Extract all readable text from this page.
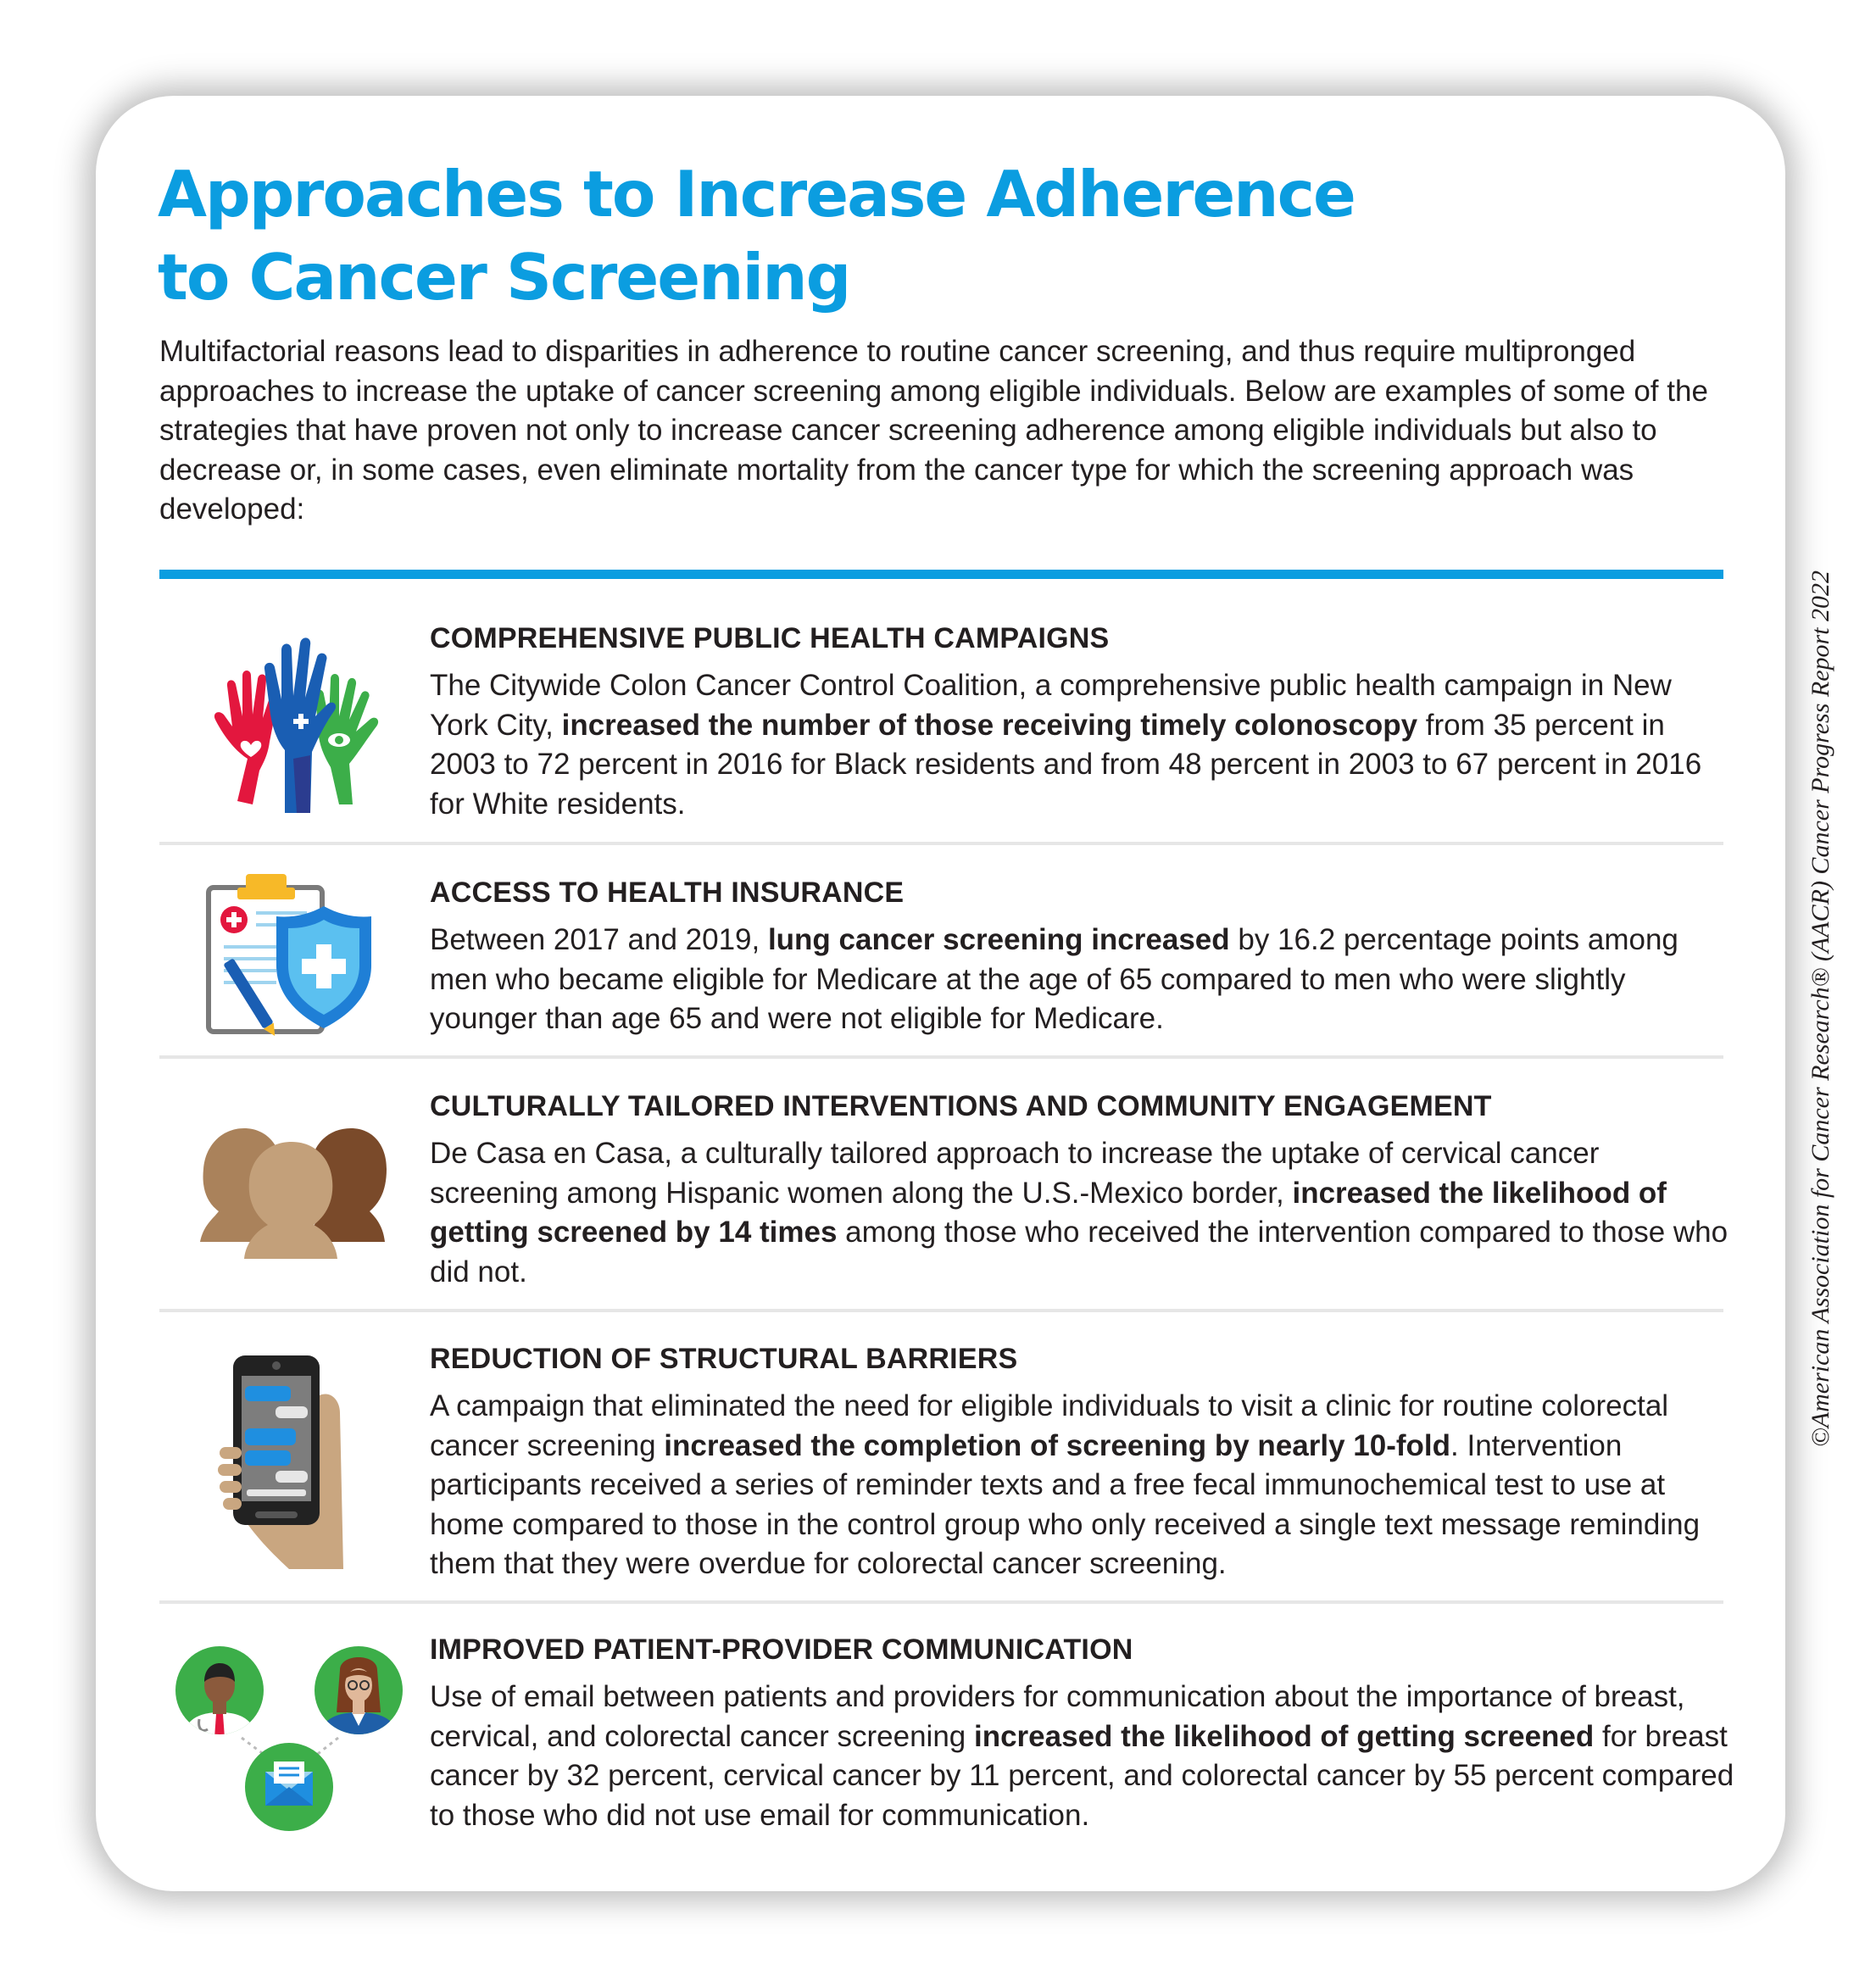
Approaches to Increase Adherence
to Cancer Screening

Multifactorial reasons lead to disparities in adherence to routine cancer screening, and thus require multipronged approaches to increase the uptake of cancer screening among eligible individuals. Below are examples of some of the strategies that have proven not only to increase cancer screening adherence among eligible individuals but also to decrease or, in some cases, even eliminate mortality from the cancer type for which the screening approach was developed:

COMPREHENSIVE PUBLIC HEALTH CAMPAIGNS

The Citywide Colon Cancer Control Coalition, a comprehensive public health campaign in New York City, increased the number of those receiving timely colonoscopy from 35 percent in 2003 to 72 percent in 2016 for Black residents and from 48 percent in 2003 to 67 percent in 2016 for White residents.

ACCESS TO HEALTH INSURANCE

Between 2017 and 2019, lung cancer screening increased by 16.2 percentage points among men who became eligible for Medicare at the age of 65 compared to men who were slightly younger than age 65 and were not eligible for Medicare.

CULTURALLY TAILORED INTERVENTIONS AND COMMUNITY ENGAGEMENT

De Casa en Casa, a culturally tailored approach to increase the uptake of cervical cancer screening among Hispanic women along the U.S.-Mexico border, increased the likelihood of getting screened by 14 times among those who received the intervention compared to those who did not.

REDUCTION OF STRUCTURAL BARRIERS

A campaign that eliminated the need for eligible individuals to visit a clinic for routine colorectal cancer screening increased the completion of screening by nearly 10-fold. Intervention participants received a series of reminder texts and a free fecal immunochemical test to use at home compared to those in the control group who only received a single text message reminding them that they were overdue for colorectal cancer screening.

IMPROVED PATIENT-PROVIDER COMMUNICATION

Use of email between patients and providers for communication about the importance of breast, cervical, and colorectal cancer screening increased the likelihood of getting screened for breast cancer by 32 percent, cervical cancer by 11 percent, and colorectal cancer by 55 percent compared to those who did not use email for communication.

©American Association for Cancer Research® (AACR) Cancer Progress Report 2022
